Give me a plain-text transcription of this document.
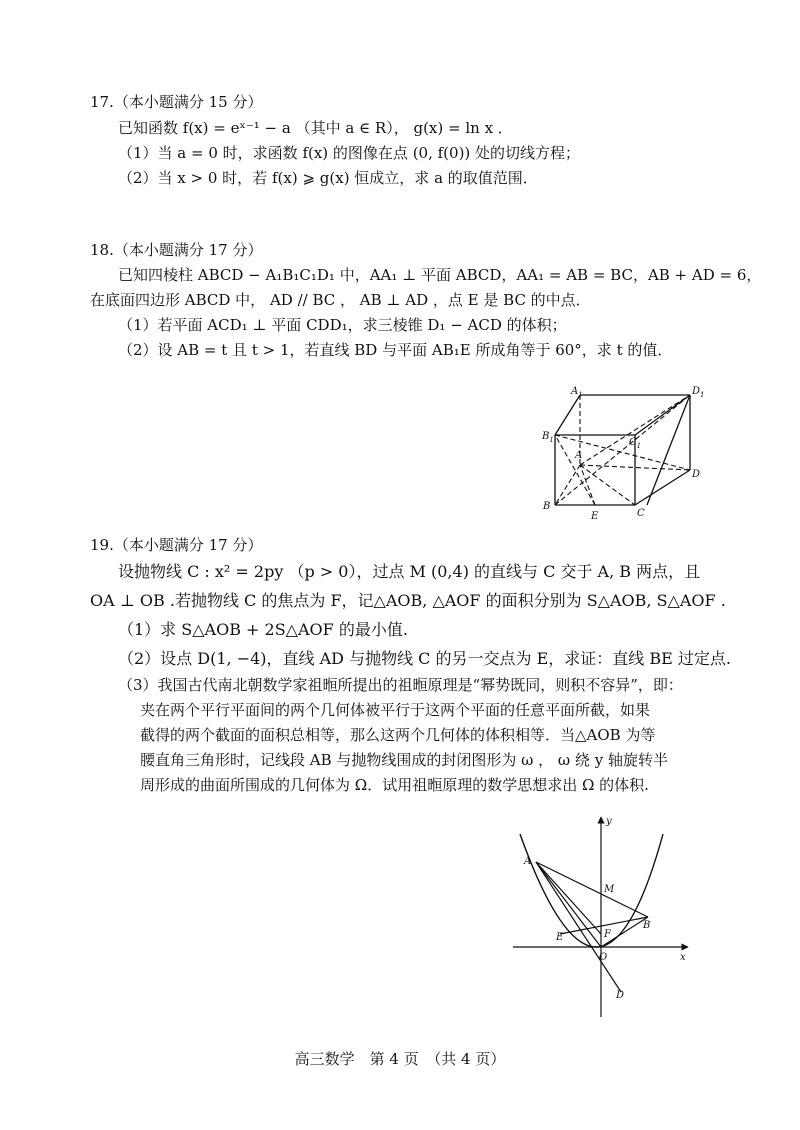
17.（本小题满分 15 分）
已知函数 f(x) = eˣ⁻¹ − a （其中 a ∈ R）， g(x) = ln x ．
（1）当 a = 0 时，求函数 f(x) 的图像在点 (0, f(0)) 处的切线方程；
（2）当 x > 0 时，若 f(x) ⩾ g(x) 恒成立，求 a 的取值范围．
18.（本小题满分 17 分）
已知四棱柱 ABCD − A₁B₁C₁D₁ 中，AA₁ ⊥ 平面 ABCD，AA₁ = AB = BC，AB + AD = 6，
在底面四边形 ABCD 中， AD // BC ， AB ⊥ AD ，点 E 是 BC 的中点．
（1）若平面 ACD₁ ⊥ 平面 CDD₁，求三棱锥 D₁ − ACD 的体积；
（2）设 AB = t 且 t > 1，若直线 BD 与平面 AB₁E 所成角等于 60°，求 t 的值．
$A_1$	$D_1$
$B_1$	$C_1$
A
B
C
D
E
19.（本小题满分 17 分）
设抛物线 C : x² = 2py （p > 0），过点 M (0,4) 的直线与 C 交于 A, B 两点，且
OA ⊥ OB .若抛物线 C 的焦点为 F，记△AOB, △AOF 的面积分别为 S△AOB, S△AOF .
（1）求 S△AOB + 2S△AOF 的最小值.
（2）设点 D(1, −4)，直线 AD 与抛物线 C 的另一交点为 E，求证：直线 BE 过定点.
（3）我国古代南北朝数学家祖暅所提出的祖暅原理是“幂势既同，则积不容异”，即：
夹在两个平行平面间的两个几何体被平行于这两个平面的任意平面所截，如果
截得的两个截面的面积总相等，那么这两个几何体的体积相等．当△AOB 为等
腰直角三角形时，记线段 AB 与抛物线围成的封闭图形为 ω ， ω 绕 y 轴旋转半
周形成的曲面所围成的几何体为 Ω．试用祖暅原理的数学思想求出 Ω 的体积.
y
x
A
M
B
E	F
O
D
高三数学　第 4 页　（共 4 页）
